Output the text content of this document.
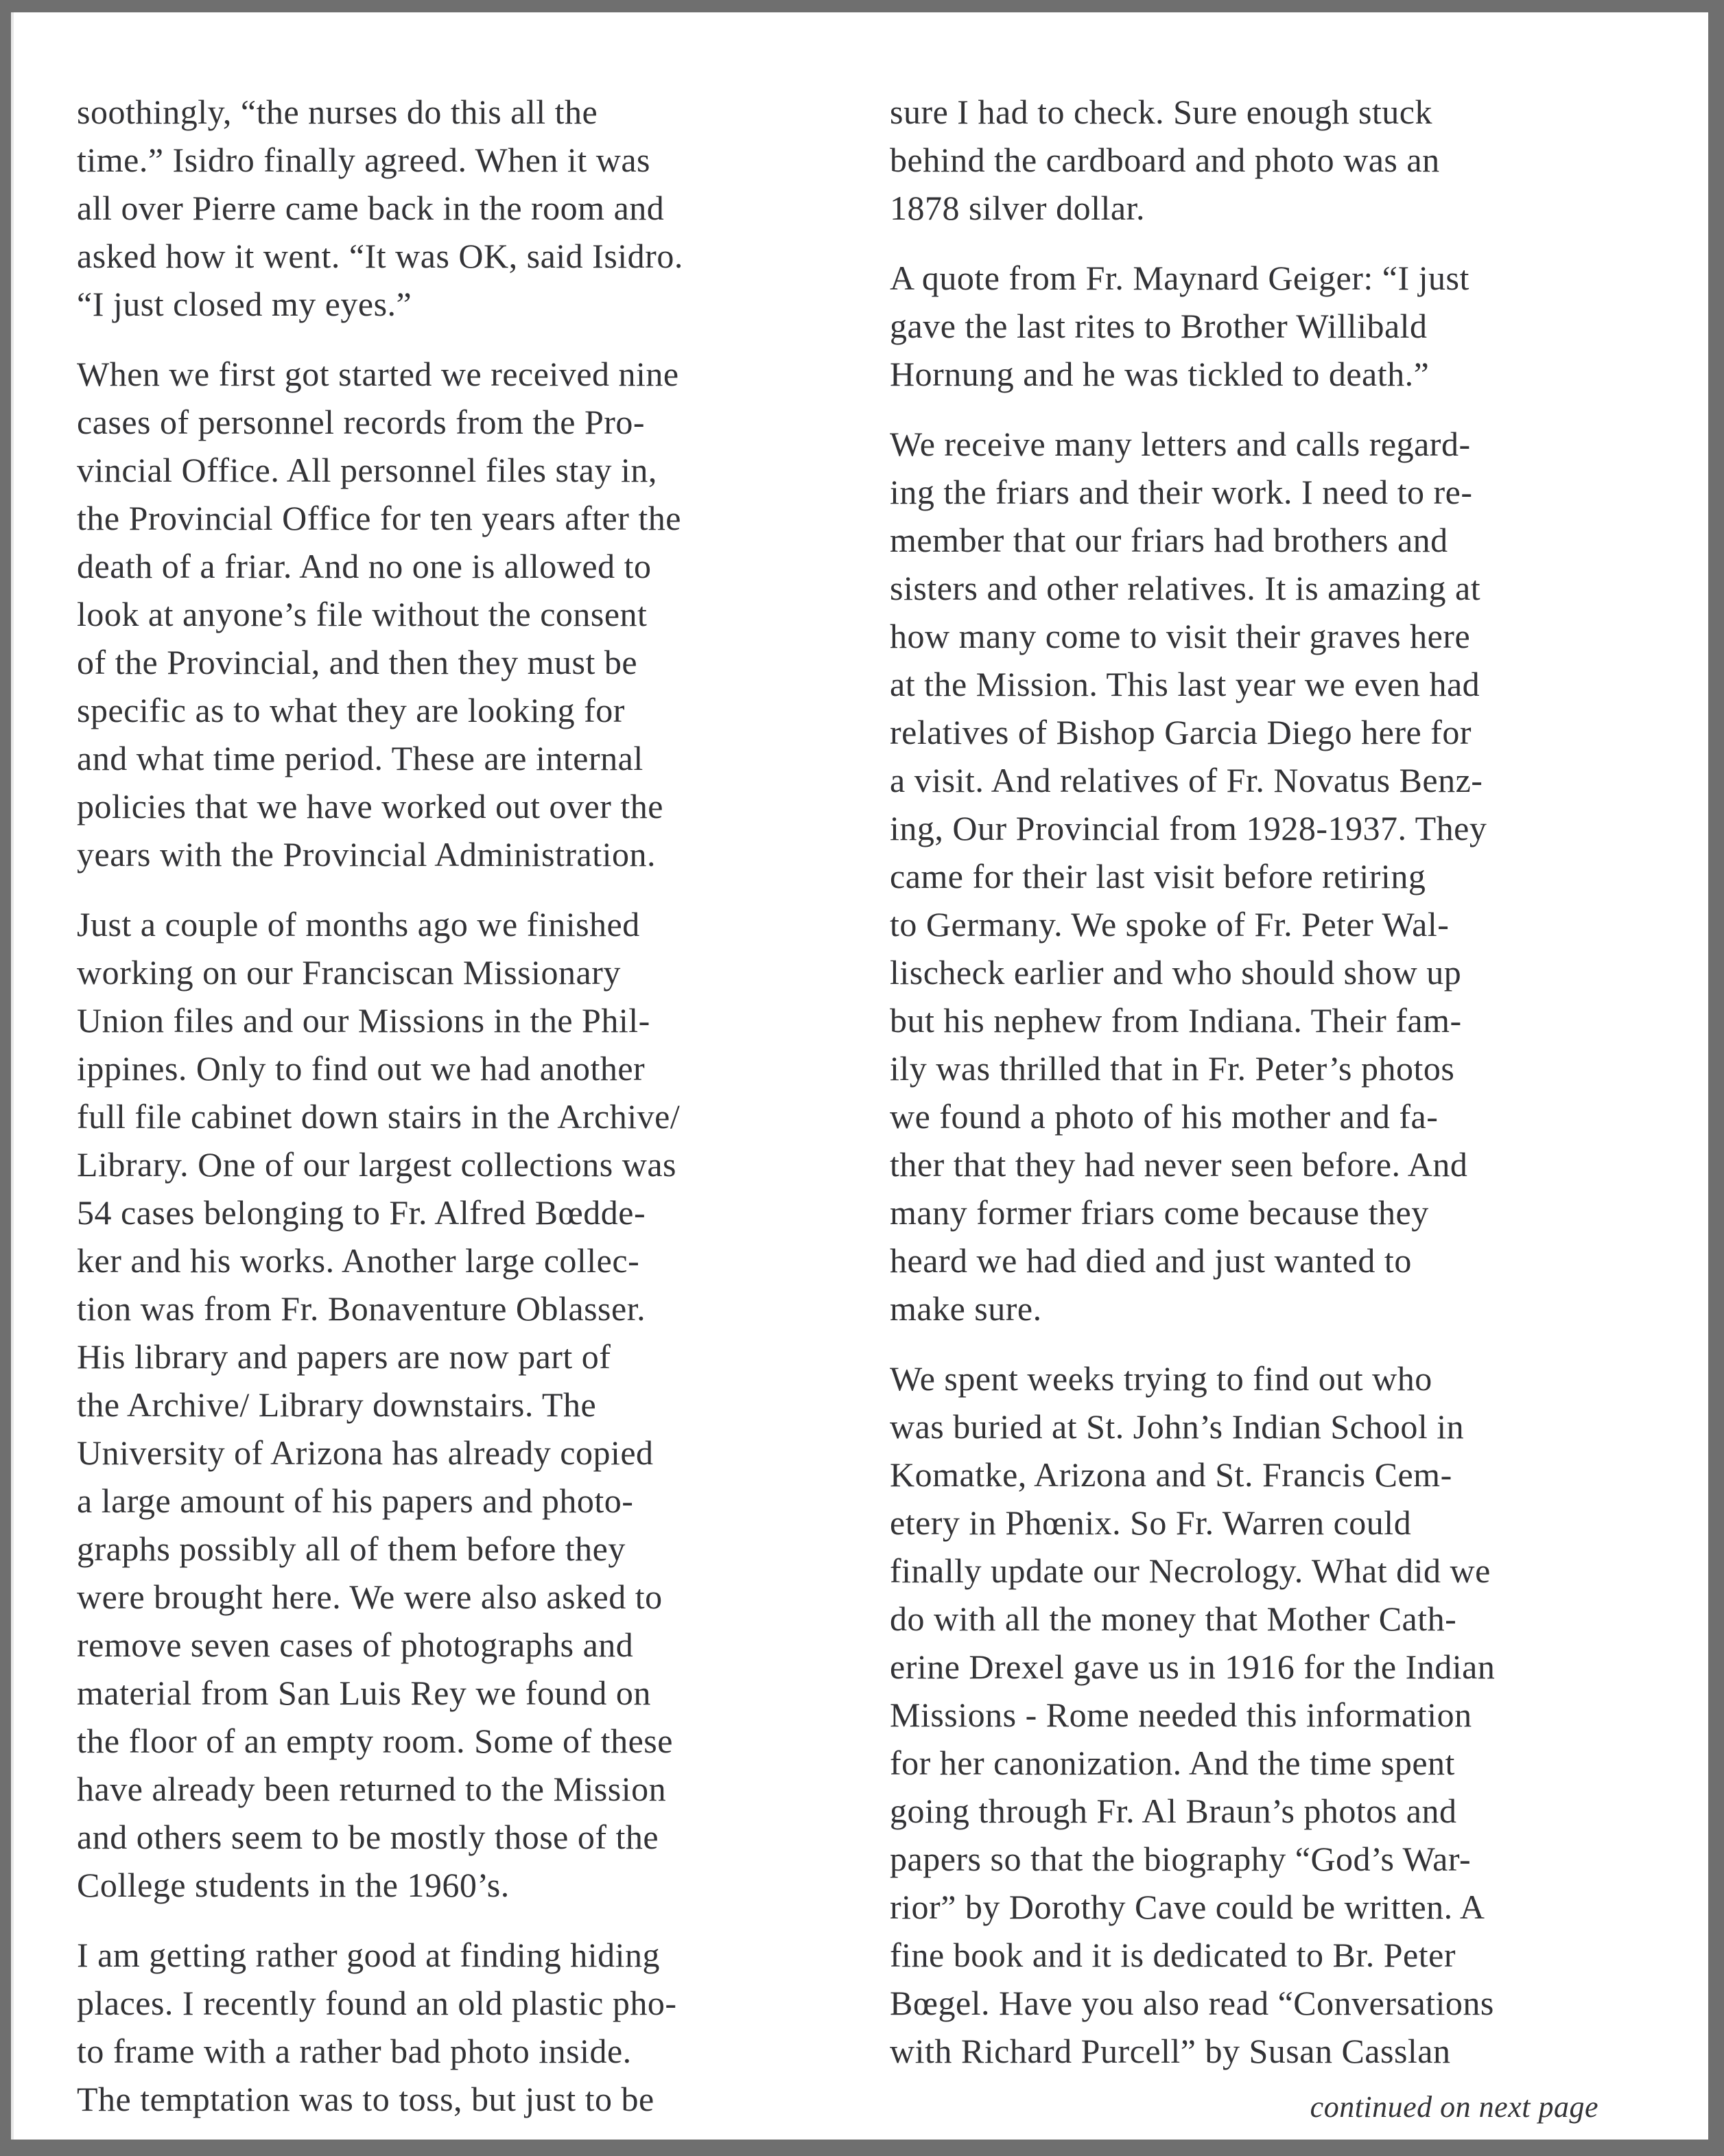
soothingly, “the nurses do this all the
time.” Isidro finally agreed. When it was
all over Pierre came back in the room and
asked how it went. “It was OK, said Isidro.
“I just closed my eyes.”

When we first got started we received nine
cases of personnel records from the Pro-
vincial Office. All personnel files stay in,
the Provincial Office for ten years after the
death of a friar. And no one is allowed to
look at anyone’s file without the consent
of the Provincial, and then they must be
specific as to what they are looking for
and what time period. These are internal
policies that we have worked out over the
years with the Provincial Administration.

Just a couple of months ago we finished
working on our Franciscan Missionary
Union files and our Missions in the Phil-
ippines. Only to find out we had another
full file cabinet down stairs in the Archive/
Library. One of our largest collections was
54 cases belonging to Fr. Alfred Bœdde-
ker and his works. Another large collec-
tion was from Fr. Bonaventure Oblasser.
His library and papers are now part of
the Archive/ Library downstairs. The
University of Arizona has already copied
a large amount of his papers and photo-
graphs possibly all of them before they
were brought here. We were also asked to
remove seven cases of photographs and
material from San Luis Rey we found on
the floor of an empty room. Some of these
have already been returned to the Mission
and others seem to be mostly those of the
College students in the 1960’s.

I am getting rather good at finding hiding
places. I recently found an old plastic pho-
to frame with a rather bad photo inside.
The temptation was to toss, but just to be

sure I had to check. Sure enough stuck
behind the cardboard and photo was an
1878 silver dollar.

A quote from Fr. Maynard Geiger: “I just
gave the last rites to Brother Willibald
Hornung and he was tickled to death.”

We receive many letters and calls regard-
ing the friars and their work. I need to re-
member that our friars had brothers and
sisters and other relatives. It is amazing at
how many come to visit their graves here
at the Mission. This last year we even had
relatives of Bishop Garcia Diego here for
a visit. And relatives of Fr. Novatus Benz-
ing, Our Provincial from 1928-1937. They
came for their last visit before retiring
to Germany. We spoke of Fr. Peter Wal-
lischeck earlier and who should show up
but his nephew from Indiana. Their fam-
ily was thrilled that in Fr. Peter’s photos
we found a photo of his mother and fa-
ther that they had never seen before. And
many former friars come because they
heard we had died and just wanted to
make sure.

We spent weeks trying to find out who
was buried at St. John’s Indian School in
Komatke, Arizona and St. Francis Cem-
etery in Phœnix. So Fr. Warren could
finally update our Necrology. What did we
do with all the money that Mother Cath-
erine Drexel gave us in 1916 for the Indian
Missions - Rome needed this information
for her canonization. And the time spent
going through Fr. Al Braun’s photos and
papers so that the biography “God’s War-
rior” by Dorothy Cave could be written. A
fine book and it is dedicated to Br. Peter
Bœgel. Have you also read “Conversations
with Richard Purcell” by Susan Casslan

continued on next page
